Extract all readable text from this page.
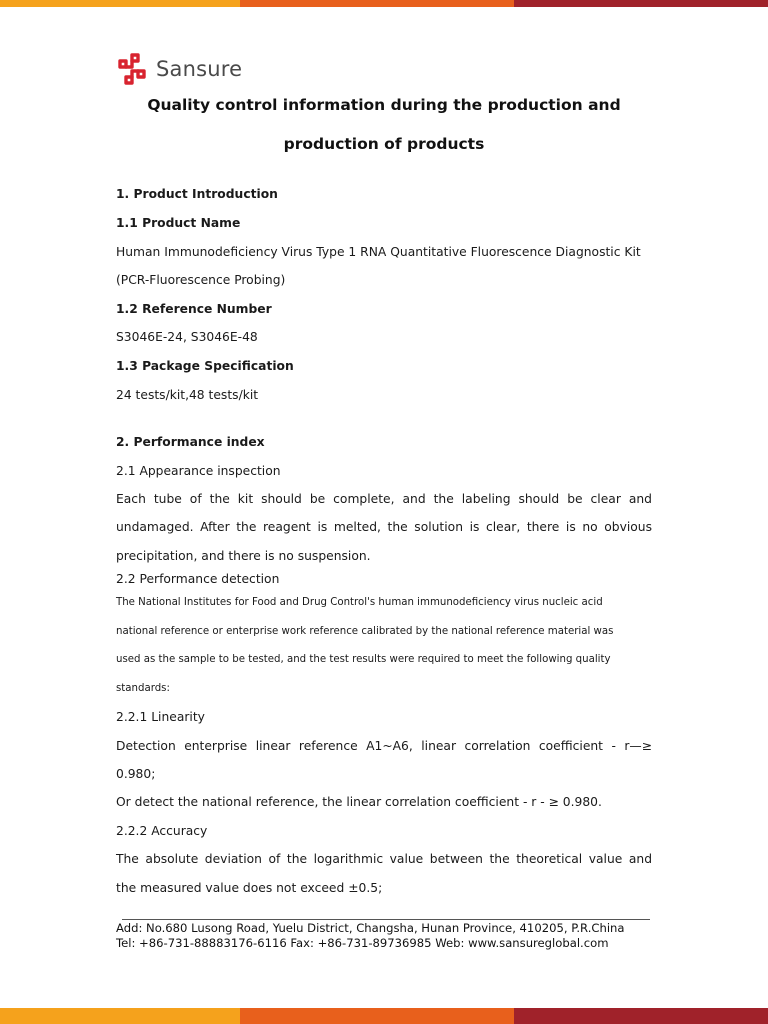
Sansure
Quality control information during the production and
production of products
1. Product Introduction
1.1 Product Name
Human Immunodeficiency Virus Type 1 RNA Quantitative Fluorescence Diagnostic Kit
(PCR-Fluorescence Probing)
1.2 Reference Number
S3046E-24, S3046E-48
1.3 Package Specification
24 tests/kit,48 tests/kit
2. Performance index
2.1 Appearance inspection
Each tube of the kit should be complete, and the labeling should be clear and
undamaged. After the reagent is melted, the solution is clear, there is no obvious
precipitation, and there is no suspension.
2.2 Performance detection
The National Institutes for Food and Drug Control's human immunodeficiency virus nucleic acid
national reference or enterprise work reference calibrated by the national reference material was
used as the sample to be tested, and the test results were required to meet the following quality
standards:
2.2.1 Linearity
Detection enterprise linear reference A1~A6, linear correlation coefficient - r—≥
0.980;
Or detect the national reference, the linear correlation coefficient - r - ≥ 0.980.
2.2.2 Accuracy
The absolute deviation of the logarithmic value between the theoretical value and
the measured value does not exceed ±0.5;
Add: No.680 Lusong Road, Yuelu District, Changsha, Hunan Province, 410205, P.R.China
Tel: +86-731-88883176-6116 Fax: +86-731-89736985 Web: www.sansureglobal.com
